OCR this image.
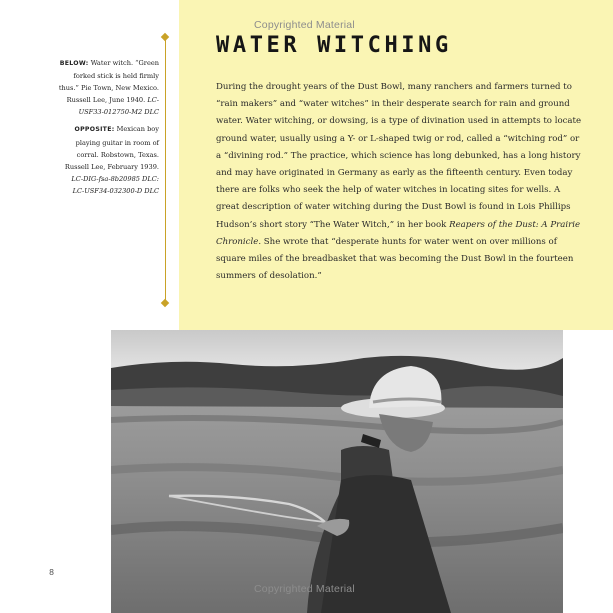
BELOW: Water witch. “Green forked stick is held firmly thus.” Pie Town, New Mexico. Russell Lee, June 1940. LC-USF33-012750-M2 DLC

OPPOSITE: Mexican boy playing guitar in room of corral. Robstown, Texas. Russell Lee, February 1939. LC-DIG-fsa-8b20985 DLC: LC-USF34-032300-D DLC

Copyrighted Material
WATER WITCHING

During the drought years of the Dust Bowl, many ranchers and farmers turned to “rain makers” and “water witches” in their desperate search for rain and ground water. Water witching, or dowsing, is a type of divination used in attempts to locate ground water, usually using a Y- or L-shaped twig or rod, called a “witching rod” or a “divining rod.” The practice, which science has long debunked, has a long history and may have originated in Germany as early as the fifteenth century. Even today there are folks who seek the help of water witches in locating sites for wells. A great description of water witching during the Dust Bowl is found in Lois Phillips Hudson’s short story “The Water Witch,” in her book Reapers of the Dust: A Prairie Chronicle. She wrote that “desperate hunts for water went on over millions of square miles of the breadbasket that was becoming the Dust Bowl in the fourteen summers of desolation.”

8
Copyrighted Material
